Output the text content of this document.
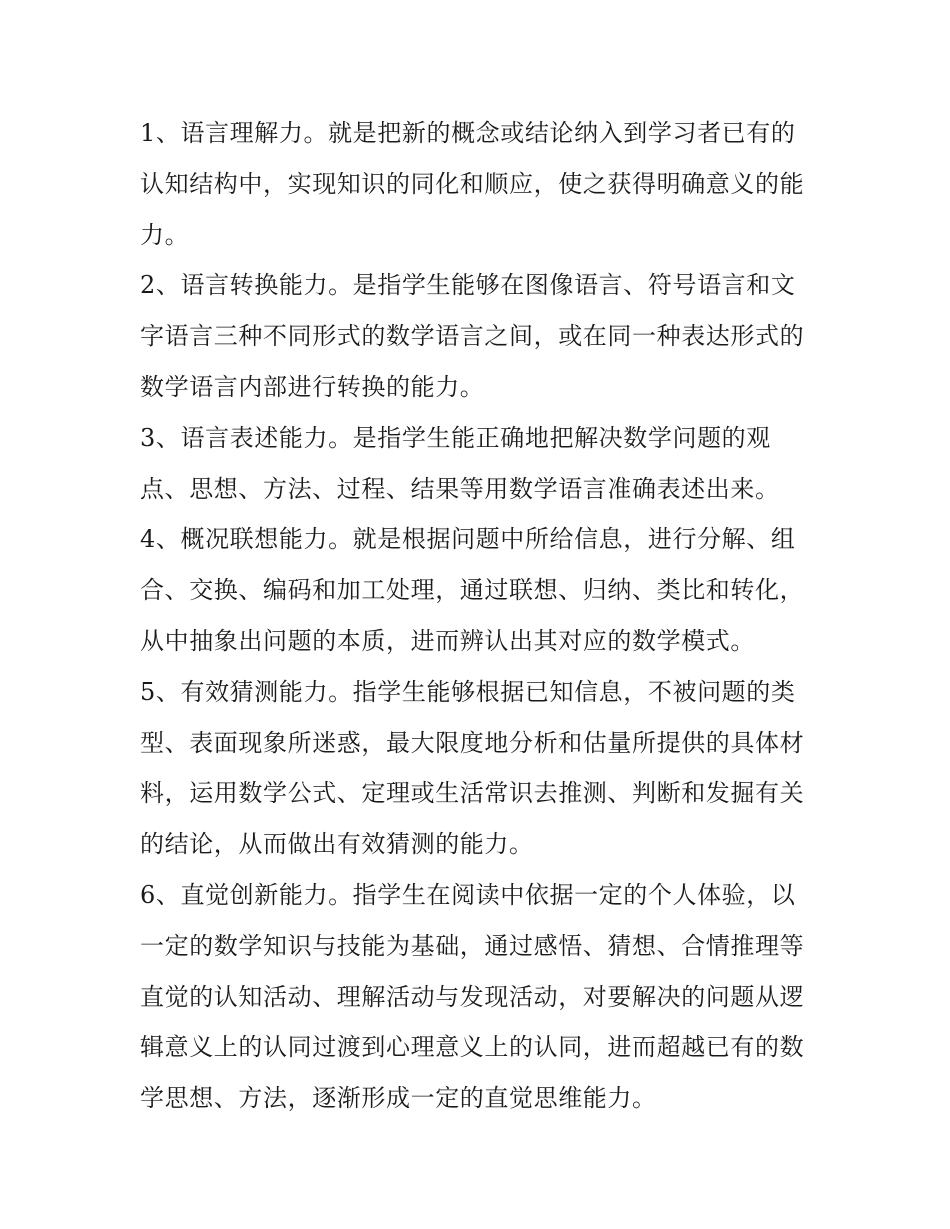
1、语言理解力。就是把新的概念或结论纳入到学习者已有的认知结构中，实现知识的同化和顺应，使之获得明确意义的能力。

2、语言转换能力。是指学生能够在图像语言、符号语言和文字语言三种不同形式的数学语言之间，或在同一种表达形式的数学语言内部进行转换的能力。

3、语言表述能力。是指学生能正确地把解决数学问题的观点、思想、方法、过程、结果等用数学语言准确表述出来。

4、概况联想能力。就是根据问题中所给信息，进行分解、组合、交换、编码和加工处理，通过联想、归纳、类比和转化，从中抽象出问题的本质，进而辨认出其对应的数学模式。

5、有效猜测能力。指学生能够根据已知信息，不被问题的类型、表面现象所迷惑，最大限度地分析和估量所提供的具体材料，运用数学公式、定理或生活常识去推测、判断和发掘有关的结论，从而做出有效猜测的能力。

6、直觉创新能力。指学生在阅读中依据一定的个人体验，以一定的数学知识与技能为基础，通过感悟、猜想、合情推理等直觉的认知活动、理解活动与发现活动，对要解决的问题从逻辑意义上的认同过渡到心理意义上的认同，进而超越已有的数学思想、方法，逐渐形成一定的直觉思维能力。
